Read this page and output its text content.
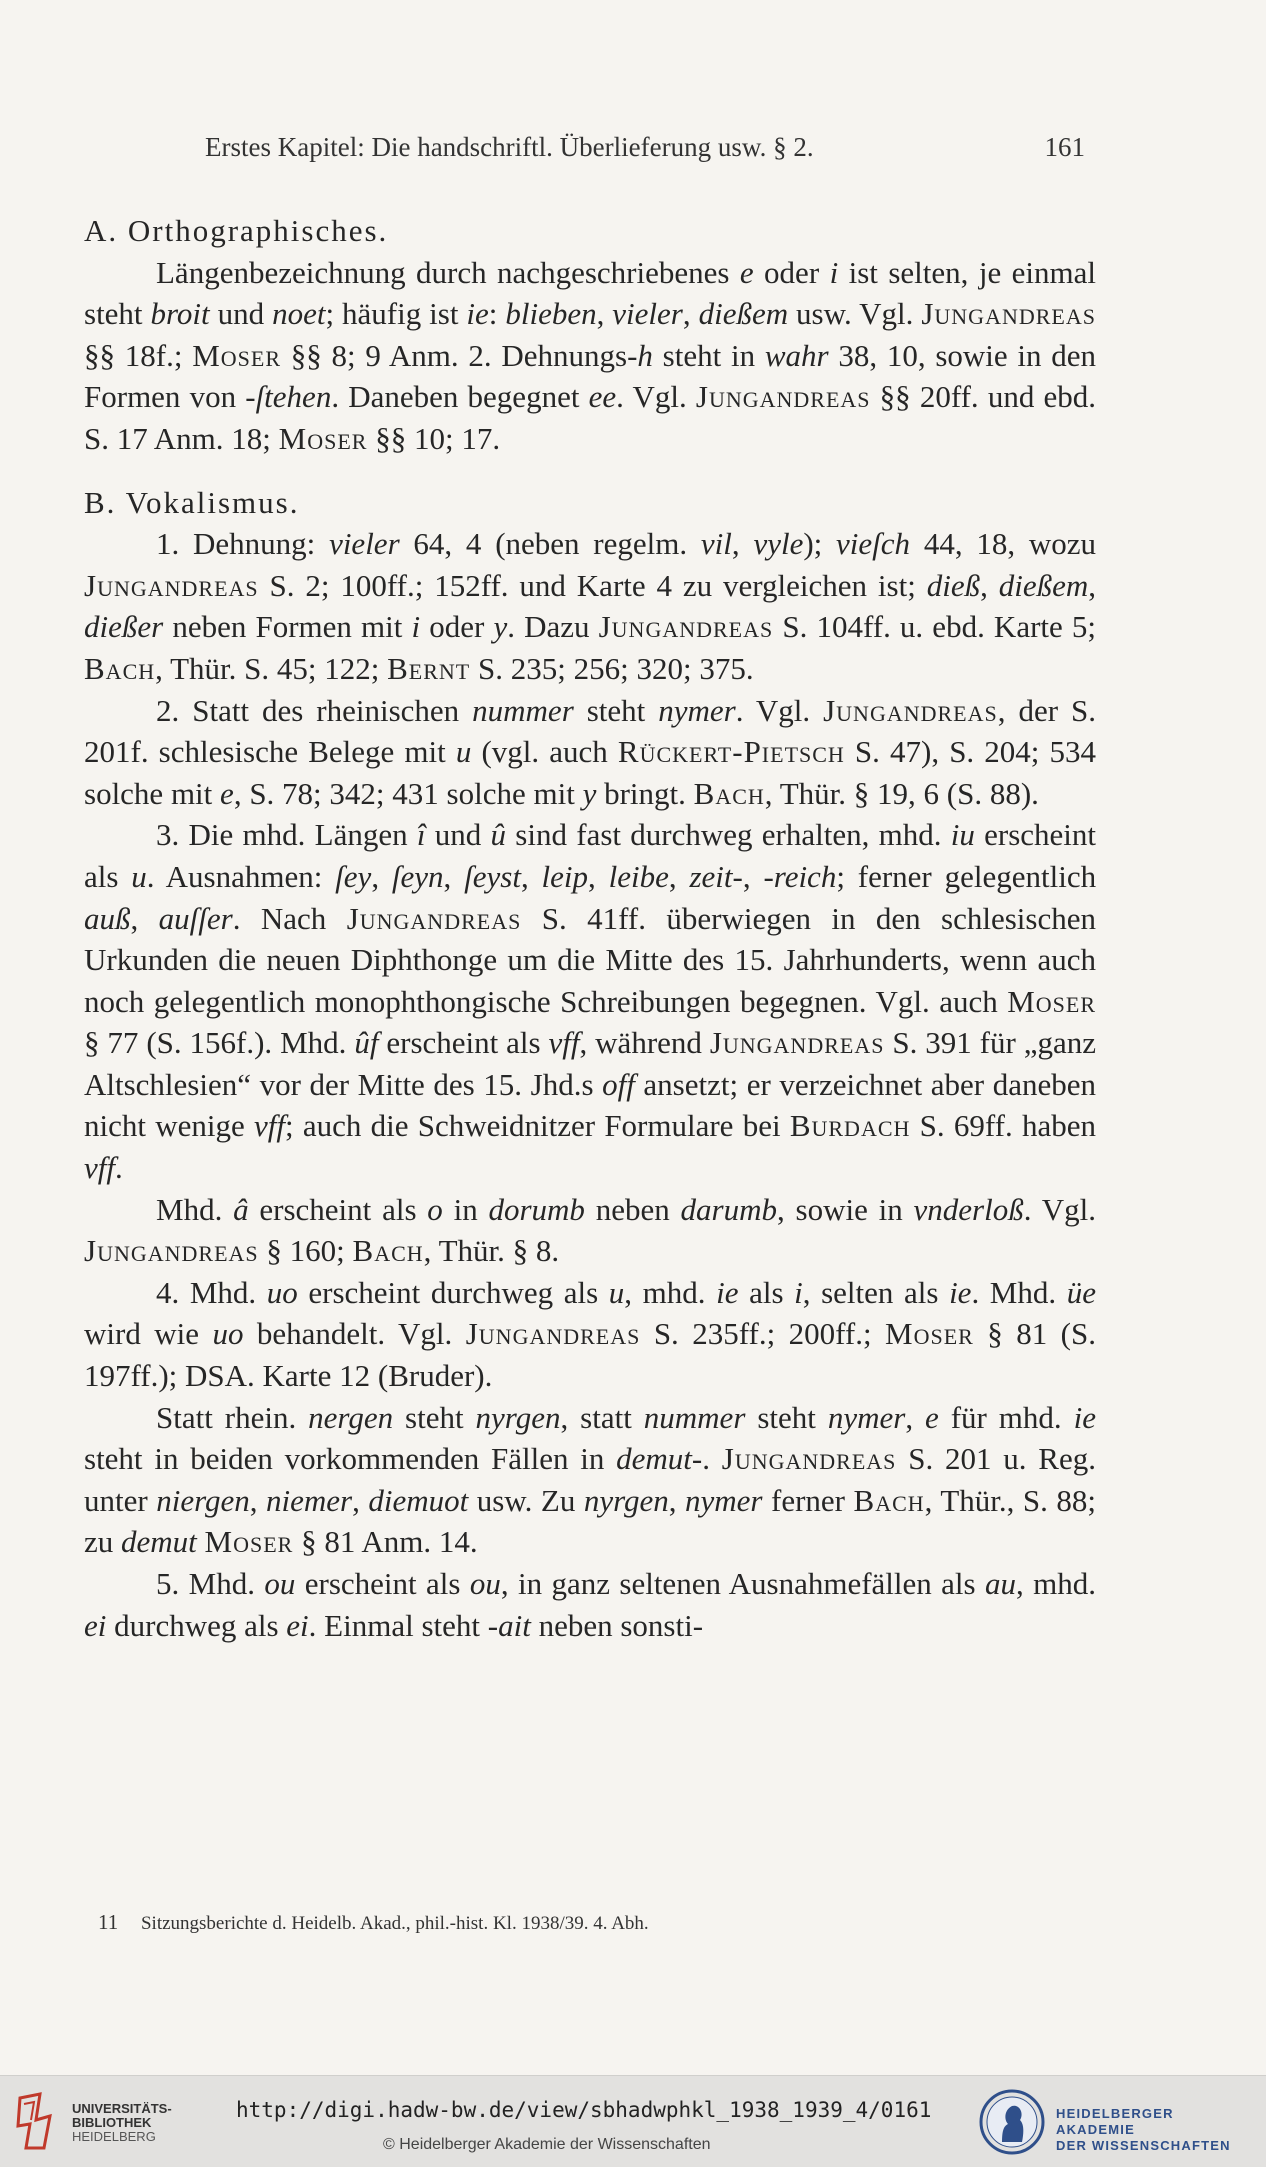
Erstes Kapitel: Die handschriftl. Überlieferung usw. § 2.	161

A. Orthographisches.

Längenbezeichnung durch nachgeschriebenes e oder i ist selten, je einmal steht broit und noet; häufig ist ie: blieben, vieler, dießem usw. Vgl. Jungandreas §§ 18f.; Moser §§ 8; 9 Anm. 2. Dehnungs-h steht in wahr 38, 10, sowie in den Formen von -ſtehen. Daneben begegnet ee. Vgl. Jungandreas §§ 20ff. und ebd. S. 17 Anm. 18; Moser §§ 10; 17.

B. Vokalismus.

1. Dehnung: vieler 64, 4 (neben regelm. vil, vyle); vieſch 44, 18, wozu Jungandreas S. 2; 100ff.; 152ff. und Karte 4 zu vergleichen ist; dieß, dießem, dießer neben Formen mit i oder y. Dazu Jungandreas S. 104ff. u. ebd. Karte 5; Bach, Thür. S. 45; 122; Bernt S. 235; 256; 320; 375.

2. Statt des rheinischen nummer steht nymer. Vgl. Jungandreas, der S. 201f. schlesische Belege mit u (vgl. auch Rückert-Pietsch S. 47), S. 204; 534 solche mit e, S. 78; 342; 431 solche mit y bringt. Bach, Thür. § 19, 6 (S. 88).

3. Die mhd. Längen î und û sind fast durchweg erhalten, mhd. iu erscheint als u. Ausnahmen: ſey, ſeyn, ſeyst, leip, leibe, zeit-, -reich; ferner gelegentlich auß, auſſer. Nach Jungandreas S. 41ff. überwiegen in den schlesischen Urkunden die neuen Diphthonge um die Mitte des 15. Jahrhunderts, wenn auch noch gelegentlich monophthongische Schreibungen begegnen. Vgl. auch Moser § 77 (S. 156f.). Mhd. ûf erscheint als vff, während Jungandreas S. 391 für „ganz Altschlesien“ vor der Mitte des 15. Jhd.s off ansetzt; er verzeichnet aber daneben nicht wenige vff; auch die Schweidnitzer Formulare bei Burdach S. 69ff. haben vff.

Mhd. â erscheint als o in dorumb neben darumb, sowie in vnderloß. Vgl. Jungandreas § 160; Bach, Thür. § 8.

4. Mhd. uo erscheint durchweg als u, mhd. ie als i, selten als ie. Mhd. üe wird wie uo behandelt. Vgl. Jungandreas S. 235ff.; 200ff.; Moser § 81 (S. 197ff.); DSA. Karte 12 (Bruder).

Statt rhein. nergen steht nyrgen, statt nummer steht nymer, e für mhd. ie steht in beiden vorkommenden Fällen in demut-. Jungandreas S. 201 u. Reg. unter niergen, niemer, diemuot usw. Zu nyrgen, nymer ferner Bach, Thür., S. 88; zu demut Moser § 81 Anm. 14.

5. Mhd. ou erscheint als ou, in ganz seltenen Ausnahmefällen als au, mhd. ei durchweg als ei. Einmal steht -ait neben sonsti-

11 Sitzungsberichte d. Heidelb. Akad., phil.-hist. Kl. 1938/39. 4. Abh.
UNIVERSITÄTS-
BIBLIOTHEK
HEIDELBERG
http://digi.hadw-bw.de/view/sbhadwphkl_1938_1939_4/0161
© Heidelberger Akademie der Wissenschaften
HEIDELBERGER AKADEMIE
DER WISSENSCHAFTEN
